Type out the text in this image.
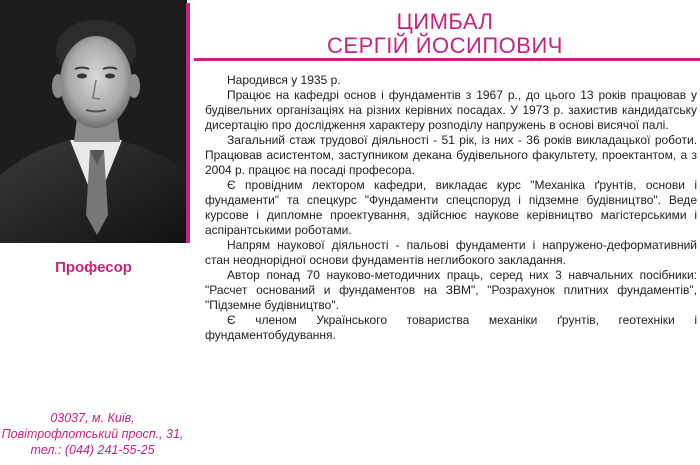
ЦИМБАЛ
СЕРГІЙ ЙОСИПОВИЧ
Професор

Народився у 1935 р.

Працює на кафедрі основ і фундаментів з 1967 р., до цього 13 років працював у будівельних організаціях на різних керівних посадах. У 1973 р. захистив кандидатську дисертацію про дослідження характеру розподілу напружень в основі висячої палі.

Загальний стаж трудової діяльності - 51 рік, із них - 36 років викладацької роботи. Працював асистентом, заступником декана будівельного факультету, проектантом, а з 2004 р. працює на посаді професора.

Є провідним лектором кафедри, викладає курс "Механіка ґрунтів, основи і фундаменти" та спецкурс "Фундаменти спецспоруд і підземне будівництво". Веде курсове і дипломне проектування, здійснює наукове керівництво магістерськими і аспірантськими роботами.

Напрям наукової діяльності - пальові фундаменти і напружено-деформативний стан неоднорідної основи фундаментів неглибокого закладання.

Автор понад 70 науково-методичних праць, серед них 3 навчальних посібники: "Расчет оснований и фундаментов на ЗВМ", "Розрахунок плитних фундаментів", "Підземне будівництво".

Є членом Українського товариства механіки ґрунтів, геотехніки і фундаментобудування.

03037, м. Київ,
Повітрофлотський просп., 31,
тел.: (044) 241-55-25
